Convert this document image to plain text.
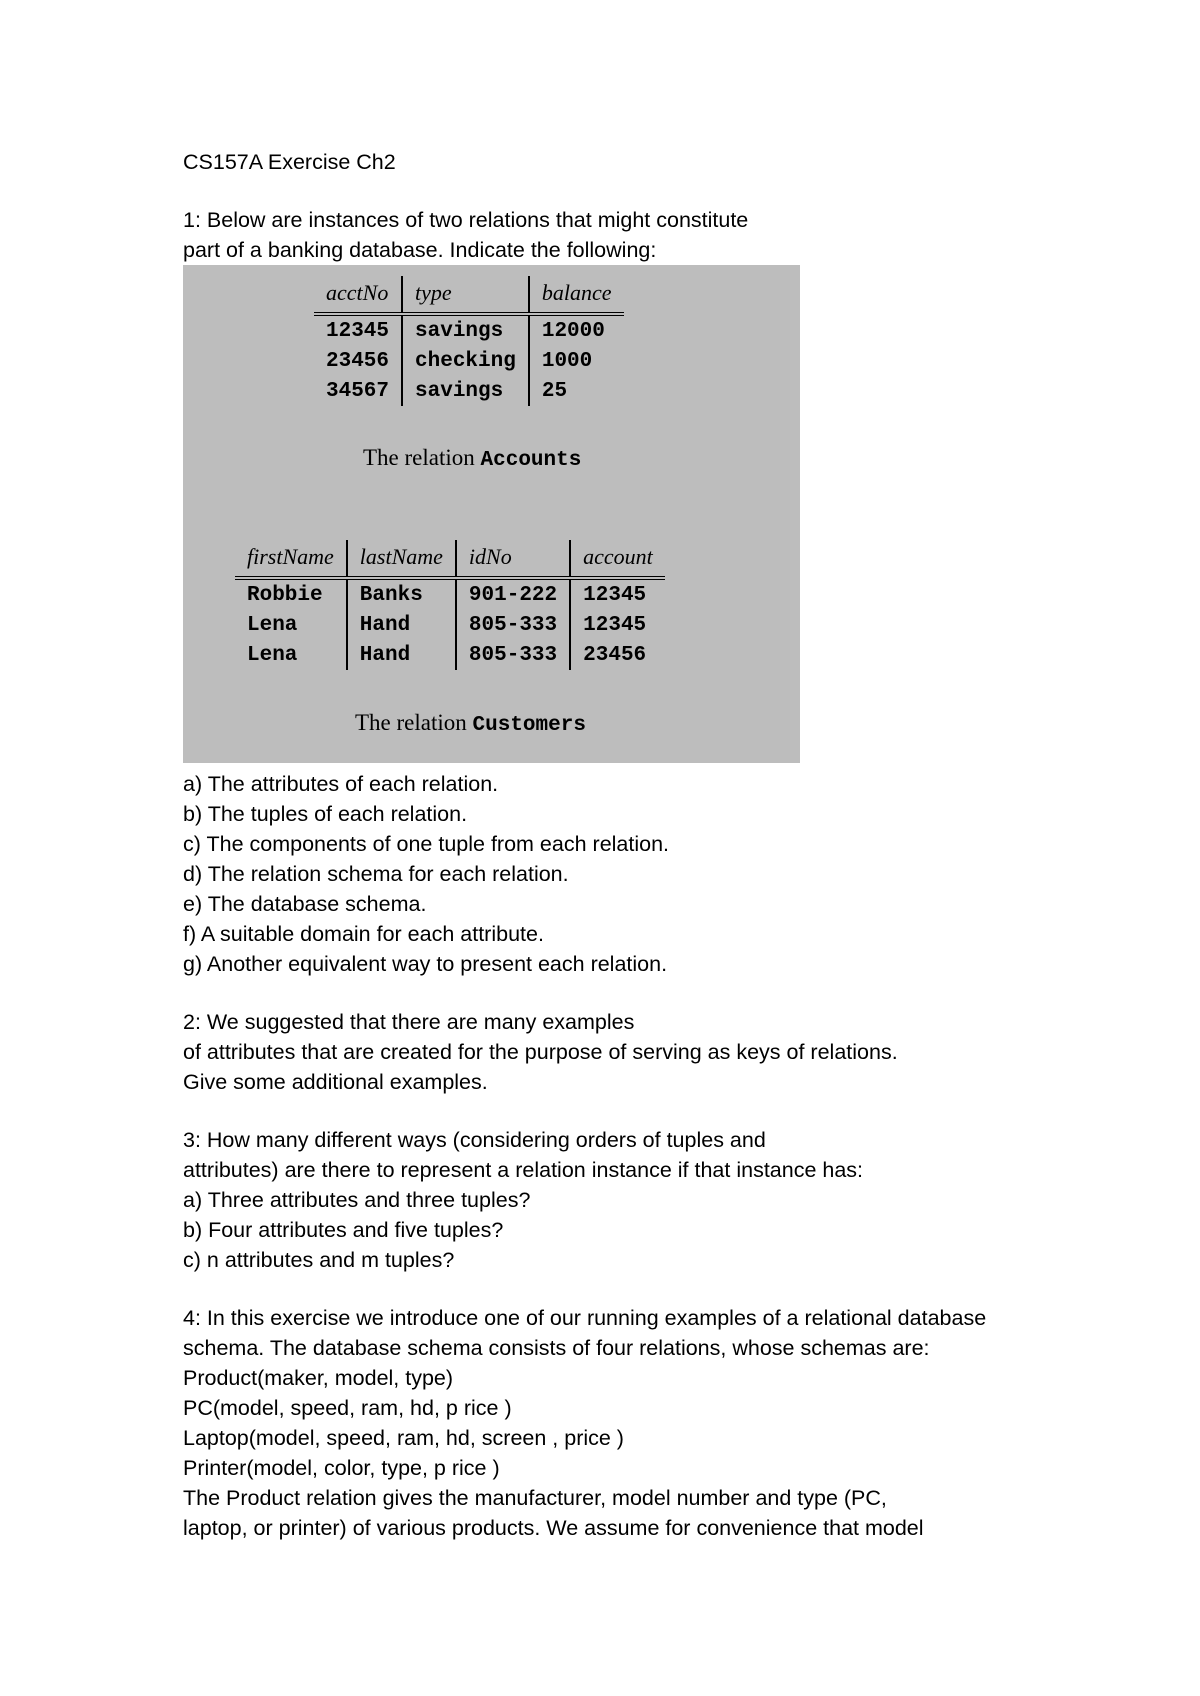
CS157A Exercise Ch2
1: Below are instances of two relations that might constitute
part of a banking database. Indicate the following:
acctNo	type	balance
12345	savings	12000
23456	checking	1000
34567	savings	25
The relation Accounts
firstName	lastName	idNo	account
Robbie	Banks	901-222	12345
Lena	Hand	805-333	12345
Lena	Hand	805-333	23456
The relation Customers
a) The attributes of each relation.
b) The tuples of each relation.
c) The components of one tuple from each relation.
d) The relation schema for each relation.
e) The database schema.
f) A suitable domain for each attribute.
g) Another equivalent way to present each relation.
2: We suggested that there are many examples
of attributes that are created for the purpose of serving as keys of relations.
Give some additional examples.
3: How many different ways (considering orders of tuples and
attributes) are there to represent a relation instance if that instance has:
a) Three attributes and three tuples?
b) Four attributes and five tuples?
c) n attributes and m tuples?
4: In this exercise we introduce one of our running examples of a relational database
schema. The database schema consists of four relations, whose schemas are:
Product(maker, model, type)
PC(model, speed, ram, hd, p rice )
Laptop(model, speed, ram, hd, screen , price )
Printer(model, color, type, p rice )
The Product relation gives the manufacturer, model number and type (PC,
laptop, or printer) of various products. We assume for convenience that model
